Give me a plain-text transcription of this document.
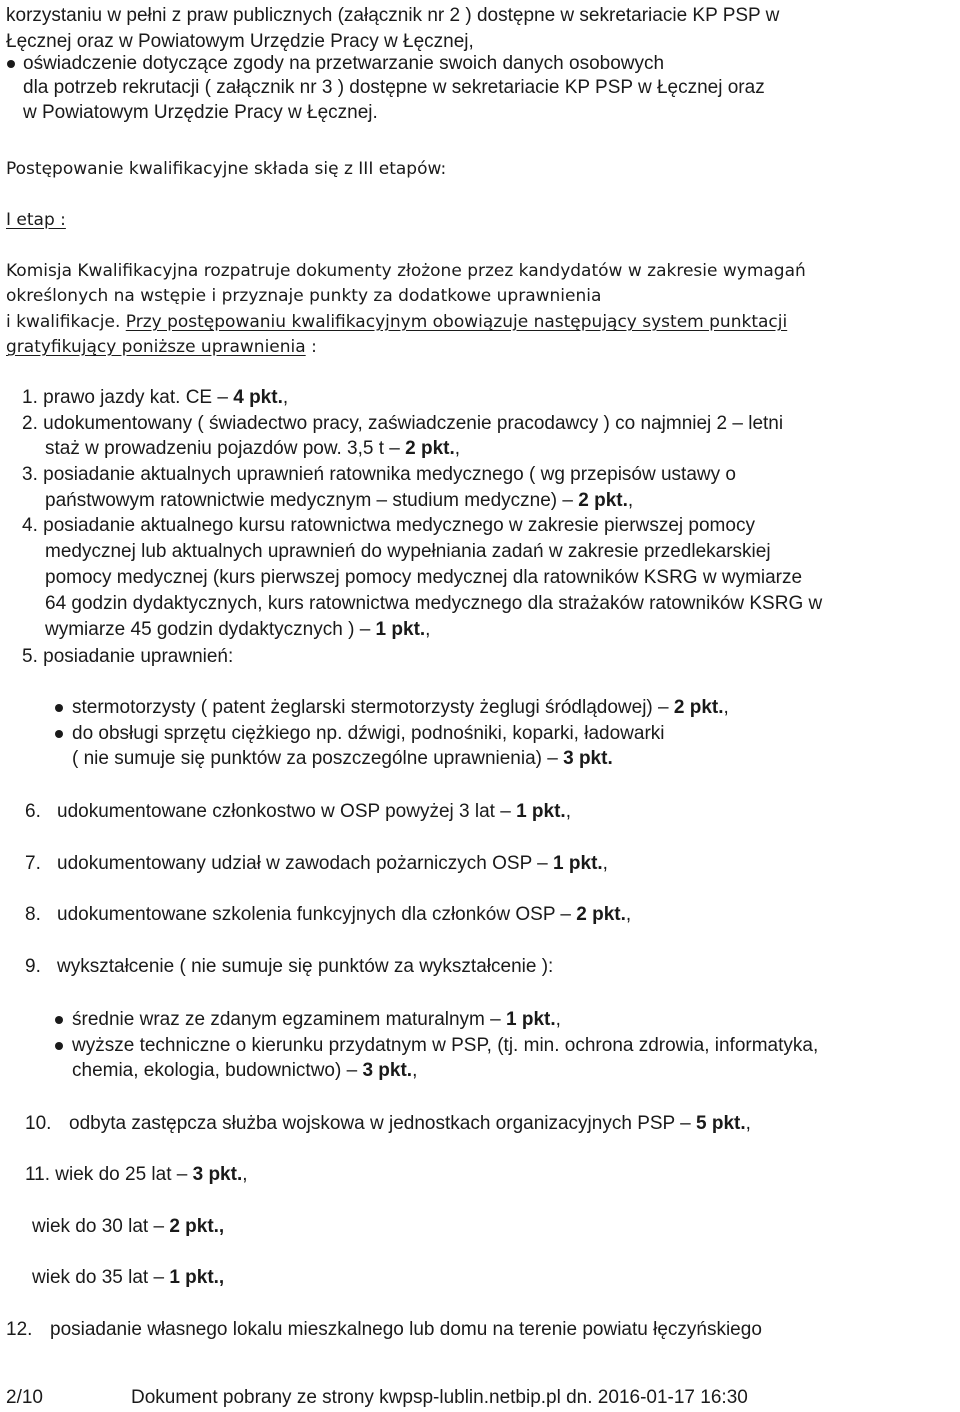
korzystaniu w pełni z praw publicznych (załącznik nr 2 ) dostępne w sekretariacie KP PSP w
Łęcznej oraz w Powiatowym Urzędzie Pracy w Łęcznej,
oświadczenie dotyczące zgody na przetwarzanie swoich danych osobowych
dla potrzeb rekrutacji ( załącznik nr 3 ) dostępne w sekretariacie KP PSP w Łęcznej oraz
w Powiatowym Urzędzie Pracy w Łęcznej.
Postępowanie kwalifikacyjne składa się z III etapów:
I etap :
Komisja Kwalifikacyjna rozpatruje dokumenty złożone przez kandydatów w zakresie wymagań
określonych na wstępie i przyznaje punkty za dodatkowe uprawnienia
i kwalifikacje. Przy postępowaniu kwalifikacyjnym obowiązuje następujący system punktacji
gratyfikujący poniższe uprawnienia :
1. prawo jazdy kat. CE – 4 pkt.,
2. udokumentowany ( świadectwo pracy, zaświadczenie pracodawcy ) co najmniej 2 – letni
staż w prowadzeniu pojazdów pow. 3,5 t – 2 pkt.,
3. posiadanie aktualnych uprawnień ratownika medycznego ( wg przepisów ustawy o
państwowym ratownictwie medycznym – studium medyczne) – 2 pkt.,
4. posiadanie aktualnego kursu ratownictwa medycznego w zakresie pierwszej pomocy
medycznej lub aktualnych uprawnień do wypełniania zadań w zakresie przedlekarskiej
pomocy medycznej (kurs pierwszej pomocy medycznej dla ratowników KSRG w wymiarze
64 godzin dydaktycznych, kurs ratownictwa medycznego dla strażaków ratowników KSRG w
wymiarze 45 godzin dydaktycznych ) – 1 pkt.,
5. posiadanie uprawnień:
stermotorzysty ( patent żeglarski stermotorzysty żeglugi śródlądowej) – 2 pkt.,
do obsługi sprzętu ciężkiego np. dźwigi, podnośniki, koparki, ładowarki
( nie sumuje się punktów za poszczególne uprawnienia) – 3 pkt.
6. udokumentowane członkostwo w OSP powyżej 3 lat – 1 pkt.,
7. udokumentowany udział w zawodach pożarniczych OSP – 1 pkt.,
8. udokumentowane szkolenia funkcyjnych dla członków OSP – 2 pkt.,
9. wykształcenie ( nie sumuje się punktów za wykształcenie ):
średnie wraz ze zdanym egzaminem maturalnym – 1 pkt.,
wyższe techniczne o kierunku przydatnym w PSP, (tj. min. ochrona zdrowia, informatyka,
chemia, ekologia, budownictwo) – 3 pkt.,
10. odbyta zastępcza służba wojskowa w jednostkach organizacyjnych PSP – 5 pkt.,
11. wiek do 25 lat – 3 pkt.,
wiek do 30 lat – 2 pkt.,
wiek do 35 lat – 1 pkt.,
12. posiadanie własnego lokalu mieszkalnego lub domu na terenie powiatu łęczyńskiego
2/10	Dokument pobrany ze strony kwpsp-lublin.netbip.pl dn. 2016-01-17 16:30
